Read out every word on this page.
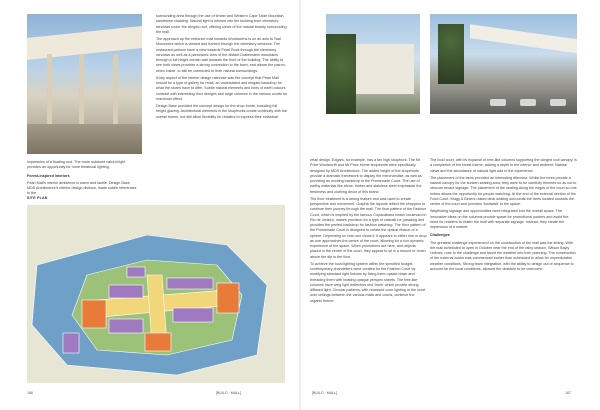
impression of a floating roof. The more subdued natural light provides an opportunity for more theatrical lighting.

Forest-inspired interiors

Pearl Mall's interior ambience is warm and tactile. Design Base, MDS Architecture's interior design division, made subtle references to the

surrounding area through the use of timber and Western Cape Table Mountain sandstone cladding. Natural light is infused into the building from clerestory windows under the winged roof, offering views of the natural beauty surrounding the mall.

The approach up the entrance mall towards Woolworths is on an axis to Taal Monument which is viewed and framed through the clerestory windows. The restaurant patrons have a view towards Pearl Rock through the clerestory windows as well as a panoramic view of the distant Drakenstein mountains through a full height curtain wall towards the front of the building. The ability to see both views provides a strong connection to the town, and allows the patron, when inside, to still be connected to their natural surroundings.

A key aspect of the interior design rationale was the concept that Pearl Mall should be a type of gallery for retail, an understated and elegant backdrop for what the stores have to offer. Subtle natural elements and hints of earth colours contrast with interesting floor designs and large columns in the various courts for maximum effect.

Design Base provided the concept design for the shop fronts, including full height glazing. Architectural elements in the shopfronts create continuity with the overall theme, but still allow flexibility for retailers to express their individual

SITE PLAN

retail design. Edgars, for example, has a fan high shopfront. The Mr Price Woolworth and Mr Price Home shopfronts were specifically designed by MDS Architecture. The added height of the shopfronts provide a dramatic framework to display the merchandise, as well as providing an exciting backdrop to the Promenade Court. The use of earthy materials like stone, timber and stainless steel emphasise the freshness and clothing decor of this brand.

The floor treatment is a strong feature and was used to create perspective and movement. Graphic tile layouts reflect the shoppers to continue their journey through the mall. The floor pattern of the Fashion Court, which is inspired by the famous Copacabana beach boulevard in Rio de Janeiro, makes provision for a type of catwalk for parading and provides the perfect backdrop for fashion watching. The floor pattern of the Promenade Court is designed to create the optical illusion of a sphere. Depending on how one views it, it appears to either rise or drop as one approaches the centre of the court, allowing for a rich dynamic experience of the space. When promotions are here, and objects placed in the centre of the court, they appear to sit in a mound or hover above the dip in the floor.

To achieve the local lighting system within the specified budget, contemporary chandeliers were created for the Fashion Court by modifying standard light fixtures by fixing them upside down and threading them with twisting opaque perspex sheets. The tree-like columns have wing light deflectors mid 'trunk' which provide strong diffused light. Circular patterns, with recessed cove lighting in the court over ceilings between the various malls and courts, continue the organic theme.

The food court, with its expanse of tree-like columns supporting the winged roof canopy, is a completion of the forest theme, adding a depth to the interior and ambient. Natural views and the abundance of natural light add to the experience.

The placement of the trees provided an interesting dilemma. Whilst the trees provide a natural canopy for the sunken seating area, they were to be carefully trimmed so as not to obscure tenant signage. The placement of the seating along the edges of the court so one enters allows the opportunity for people watching. At the end of the external section of the Food Court, Mugg & Bean's raised deck seating surrounds the trees located towards the centre of the court and provides 'foodwalk' to the space.

Wayfinding signage and opportunities were integrated into the overall space. The innovative ideas on the columns provide space for promotional posters and avoid the need for retailers to clutter the mall with separate signage. Instead, they create the impression of a market.

Challenges

The greatest challenge experienced on the construction of the mall was the timing. With the mall scheduled to open in October near the end of the rainy season, Wilson Bayly Holmes, rose to the challenge and faced the weather into their planning. The construction of the external works was commenced earlier than scheduled to allow for unpredictable weather conditions. Strong team integration, with the ability to design out of sequence to account for the local conditions, allowed the obstacle to be overcome.

186	[BUILD · MALL]	[BUILD · MALL]	187
